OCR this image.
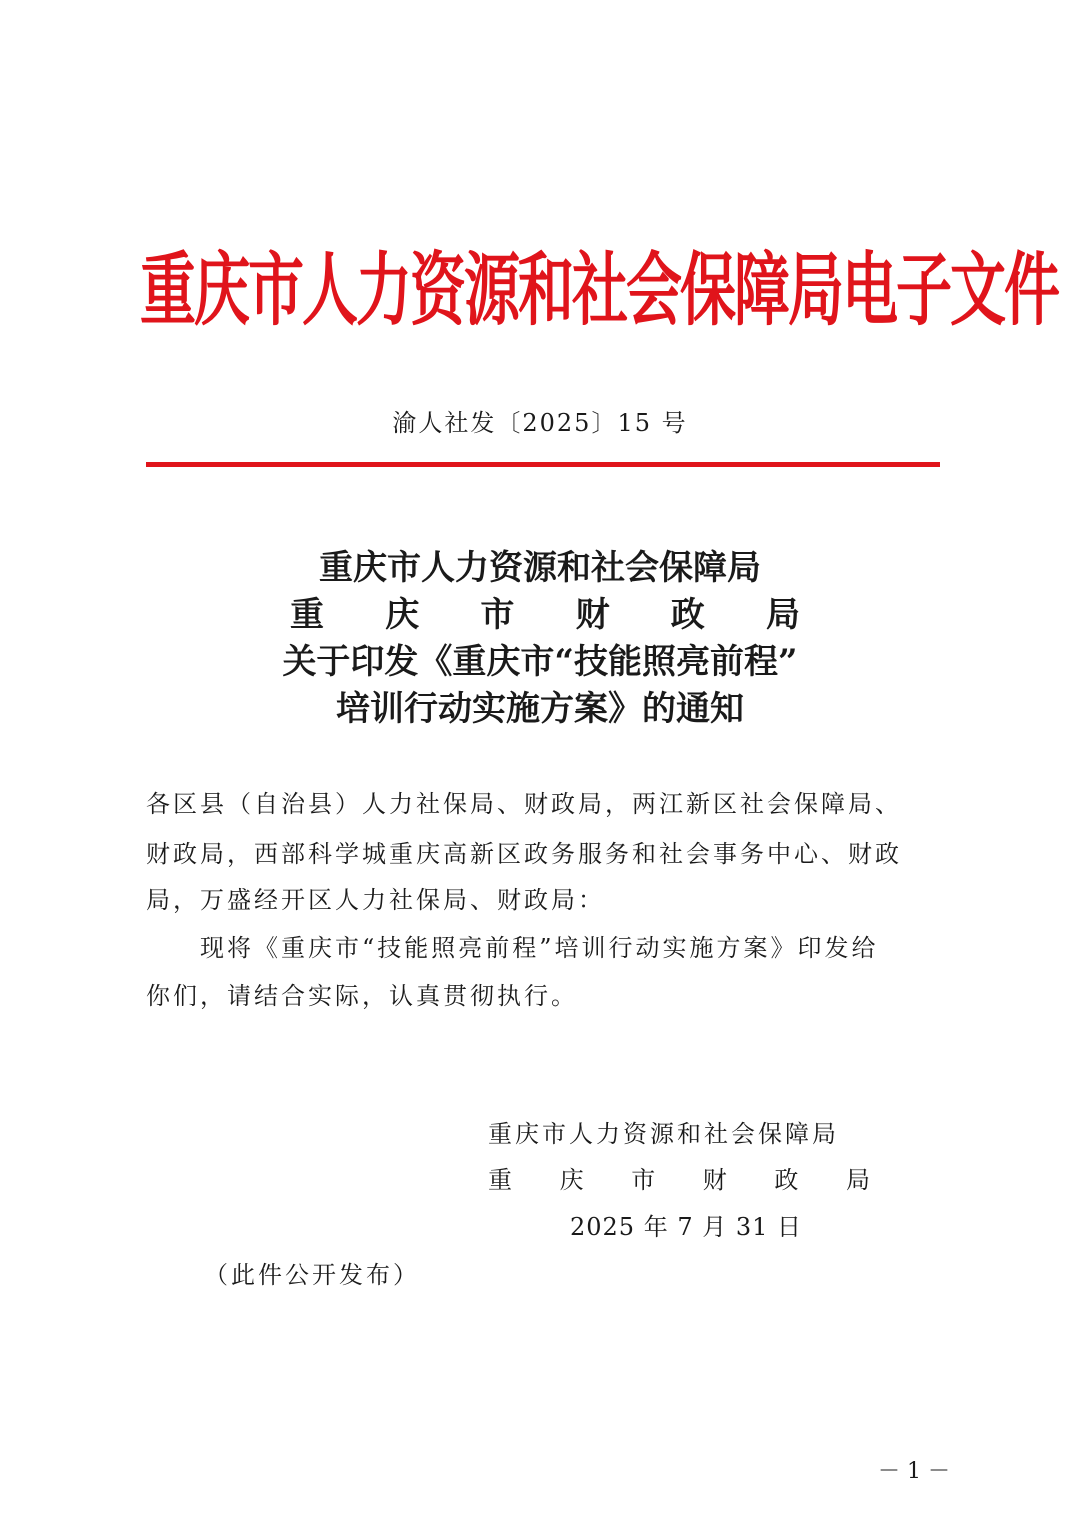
重庆市人力资源和社会保障局电子文件
渝人社发〔2025〕15 号
重庆市人力资源和社会保障局
重 庆 市 财 政 局
关于印发《重庆市“技能照亮前程”
培训行动实施方案》的通知
各区县（自治县）人力社保局、财政局，两江新区社会保障局、
财政局，西部科学城重庆高新区政务服务和社会事务中心、财政
局，万盛经开区人力社保局、财政局：
　　现将《重庆市“技能照亮前程”培训行动实施方案》印发给
你们，请结合实际，认真贯彻执行。
重庆市人力资源和社会保障局
重 庆 市 财 政 局
2025 年 7 月 31 日
（此件公开发布）
－ 1 －
